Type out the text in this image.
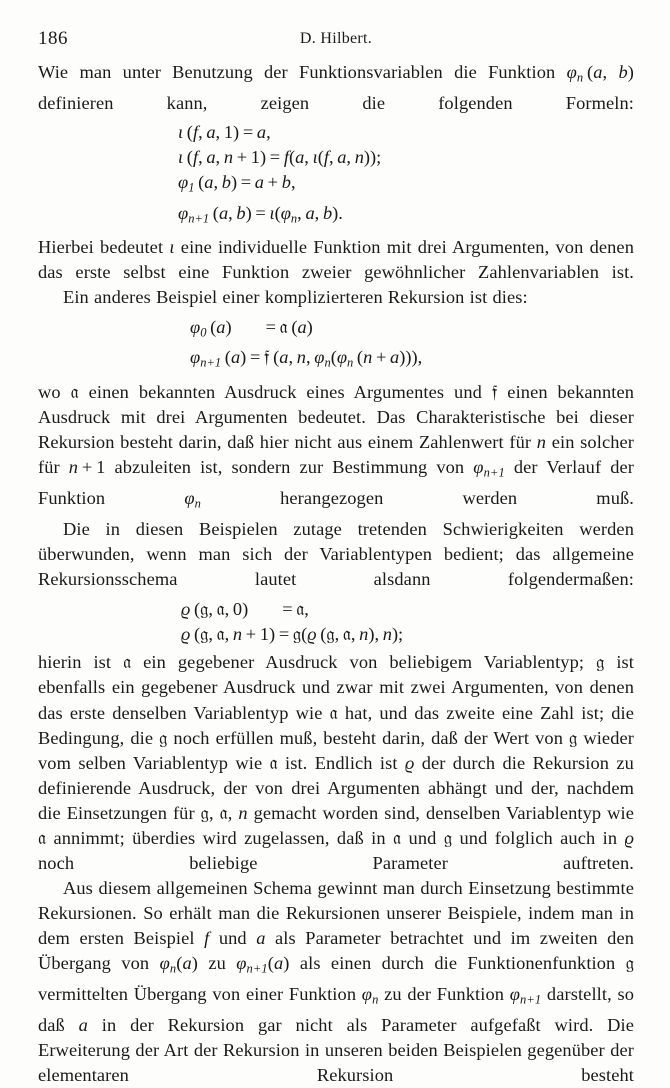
186	D. Hilbert.

Wie man unter Benutzung der Funktionsvariablen die Funktion $\varphi_n$ (a, b)
definieren kann, zeigen die folgenden Formeln:

ι (f, a, 1) = a,
ι (f, a, n + 1) = f(a, ι(f, a, n));
$\varphi_1$ (a, b) = a + b,
$\varphi_{n+1}$ (a, $b) = \iota(\varphi_n$, a, b).

Hierbei bedeutet ι eine individuelle Funktion mit drei Argumenten, von denen das erste selbst eine Funktion zweier gewöhnlicher Zahlenvariablen ist.

Ein anderes Beispiel einer komplizierteren Rekursion ist dies:

$\varphi_0$ (a) = 𝔞 (a)
$\varphi_{n+1}$ (a) = 𝔣 (a, n, $\varphi_n(\varphi_n$ (n + a))),

wo 𝔞 einen bekannten Ausdruck eines Argumentes und 𝔣 einen bekannten Ausdruck mit drei Argumenten bedeutet. Das Charakteristische bei dieser Rekursion besteht darin, daß hier nicht aus einem Zahlenwert für n ein solcher für n + 1 abzuleiten ist, sondern zur Bestimmung von $\varphi_{n+1}$ der Verlauf der Funktion $\varphi_n$ herangezogen werden muß.

Die in diesen Beispielen zutage tretenden Schwierigkeiten werden überwunden, wenn man sich der Variablentypen bedient; das allgemeine Rekursionsschema lautet alsdann folgendermaßen:

ϱ (𝔤, 𝔞, 0) = 𝔞,
ϱ (𝔤, 𝔞, n + 1) = 𝔤(ϱ (𝔤, 𝔞, n), n);

hierin ist 𝔞 ein gegebener Ausdruck von beliebigem Variablentyp; 𝔤 ist ebenfalls ein gegebener Ausdruck und zwar mit zwei Argumenten, von denen das erste denselben Variablentyp wie 𝔞 hat, und das zweite eine Zahl ist; die Bedingung, die 𝔤 noch erfüllen muß, besteht darin, daß der Wert von 𝔤 wieder vom selben Variablentyp wie 𝔞 ist. Endlich ist ϱ der durch die Rekursion zu definierende Ausdruck, der von drei Argumenten abhängt und der, nachdem die Einsetzungen für 𝔤, 𝔞, n gemacht worden sind, denselben Variablentyp wie 𝔞 annimmt; überdies wird zugelassen, daß in 𝔞 und 𝔤 und folglich auch in ϱ noch beliebige Parameter auftreten.

Aus diesem allgemeinen Schema gewinnt man durch Einsetzung bestimmte Rekursionen. So erhält man die Rekursionen unserer Beispiele, indem man in dem ersten Beispiel f und a als Parameter betrachtet und im zweiten den Übergang von $\varphi_n(a)$ zu $\varphi_{n+1}(a)$ als einen durch die Funktionenfunktion 𝔤 vermittelten Übergang von einer Funktion $\varphi_n$ zu der Funktion $\varphi_{n+1}$ darstellt, so daß a in der Rekursion gar nicht als Parameter aufgefaßt wird. Die Erweiterung der Art der Rekursion in unseren beiden Beispielen gegenüber der elementaren Rekursion besteht
